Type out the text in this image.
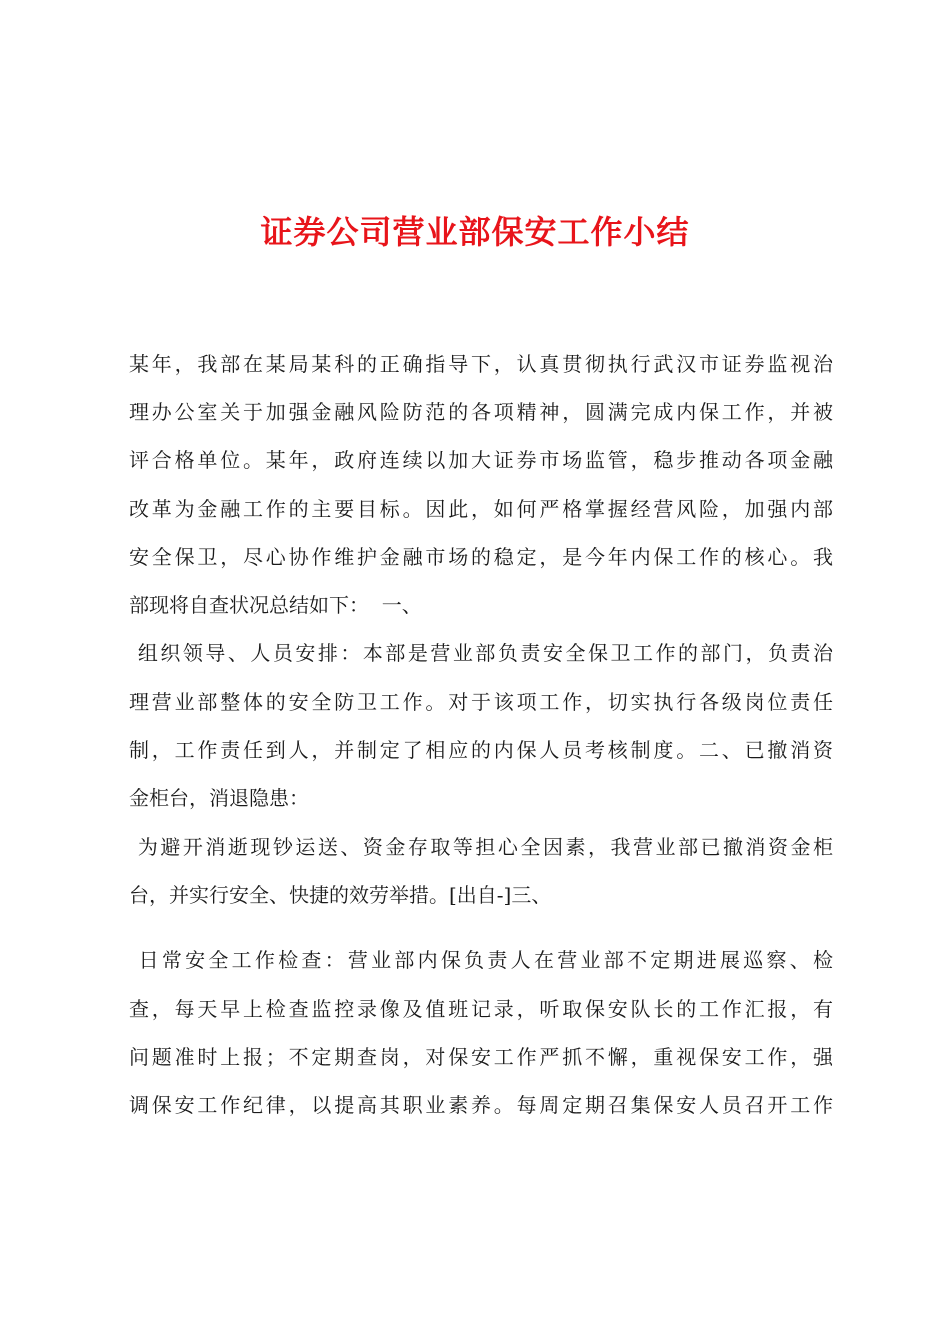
证券公司营业部保安工作小结
某年，我部在某局某科的正确指导下，认真贯彻执行武汉市证券监视治
理办公室关于加强金融风险防范的各项精神，圆满完成内保工作，并被
评合格单位。某年，政府连续以加大证券市场监管，稳步推动各项金融
改革为金融工作的主要目标。因此，如何严格掌握经营风险，加强内部
安全保卫，尽心协作维护金融市场的稳定，是今年内保工作的核心。我
部现将自查状况总结如下：  一、
组织领导、人员安排：本部是营业部负责安全保卫工作的部门，负责治
理营业部整体的安全防卫工作。对于该项工作，切实执行各级岗位责任
制，工作责任到人，并制定了相应的内保人员考核制度。二、已撤消资
金柜台，消退隐患：
为避开消逝现钞运送、资金存取等担心全因素，我营业部已撤消资金柜
台，并实行安全、快捷的效劳举措。[出自-]三、
日常安全工作检查：营业部内保负责人在营业部不定期进展巡察、检
查，每天早上检查监控录像及值班记录，听取保安队长的工作汇报，有
问题准时上报；不定期查岗，对保安工作严抓不懈，重视保安工作，强
调保安工作纪律，以提高其职业素养。每周定期召集保安人员召开工作
